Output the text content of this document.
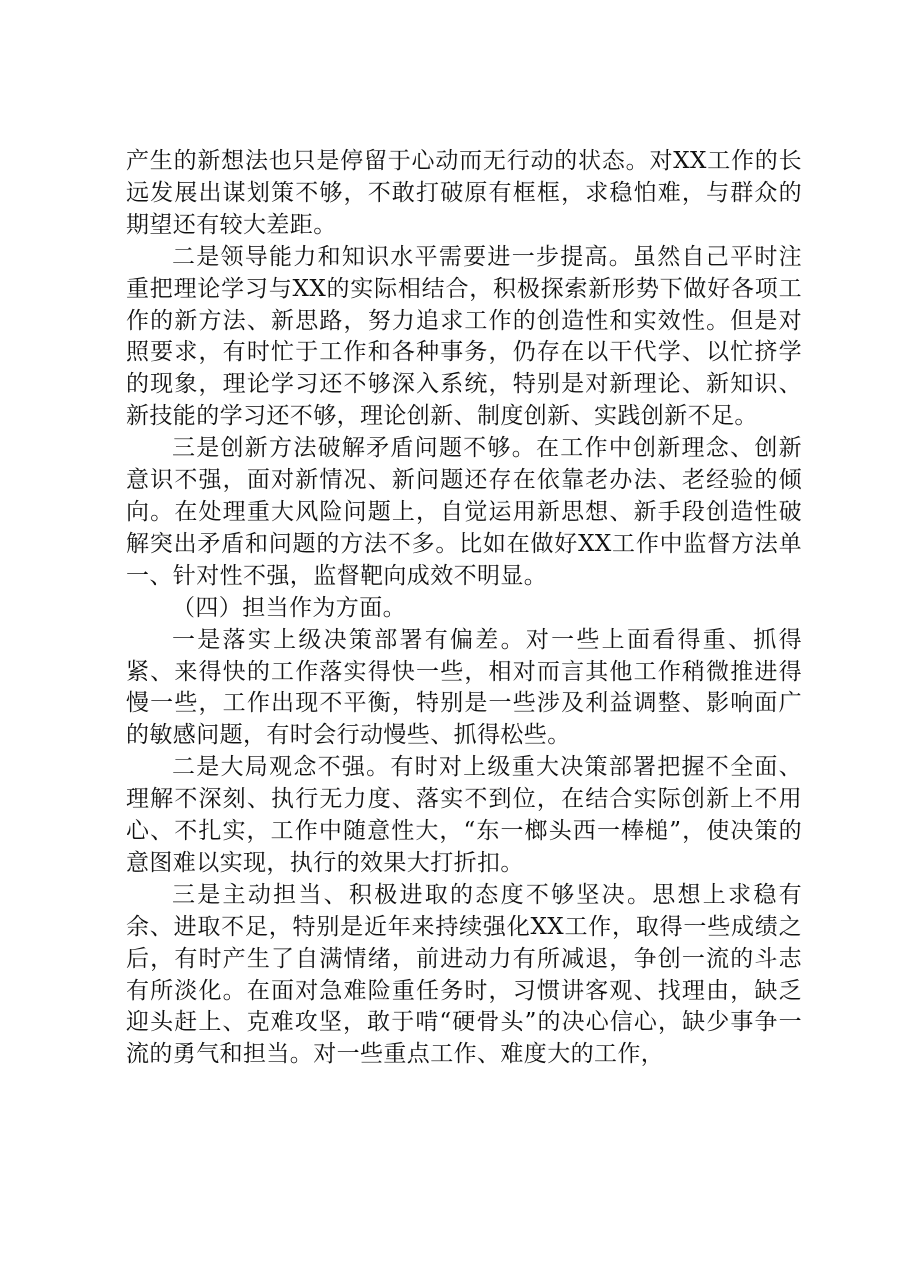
产生的新想法也只是停留于心动而无行动的状态。对XX工作的长远发展出谋划策不够，不敢打破原有框框，求稳怕难，与群众的期望还有较大差距。

二是领导能力和知识水平需要进一步提高。虽然自己平时注重把理论学习与XX的实际相结合，积极探索新形势下做好各项工作的新方法、新思路，努力追求工作的创造性和实效性。但是对照要求，有时忙于工作和各种事务，仍存在以干代学、以忙挤学的现象，理论学习还不够深入系统，特别是对新理论、新知识、新技能的学习还不够，理论创新、制度创新、实践创新不足。

三是创新方法破解矛盾问题不够。在工作中创新理念、创新意识不强，面对新情况、新问题还存在依靠老办法、老经验的倾向。在处理重大风险问题上，自觉运用新思想、新手段创造性破解突出矛盾和问题的方法不多。比如在做好XX工作中监督方法单一、针对性不强，监督靶向成效不明显。

（四）担当作为方面。

一是落实上级决策部署有偏差。对一些上面看得重、抓得紧、来得快的工作落实得快一些，相对而言其他工作稍微推进得慢一些，工作出现不平衡，特别是一些涉及利益调整、影响面广的敏感问题，有时会行动慢些、抓得松些。

二是大局观念不强。有时对上级重大决策部署把握不全面、理解不深刻、执行无力度、落实不到位，在结合实际创新上不用心、不扎实，工作中随意性大，“东一榔头西一棒槌”，使决策的意图难以实现，执行的效果大打折扣。

三是主动担当、积极进取的态度不够坚决。思想上求稳有余、进取不足，特别是近年来持续强化XX工作，取得一些成绩之后，有时产生了自满情绪，前进动力有所减退，争创一流的斗志有所淡化。在面对急难险重任务时，习惯讲客观、找理由，缺乏迎头赶上、克难攻坚，敢于啃“硬骨头”的决心信心，缺少事争一流的勇气和担当。对一些重点工作、难度大的工作，
